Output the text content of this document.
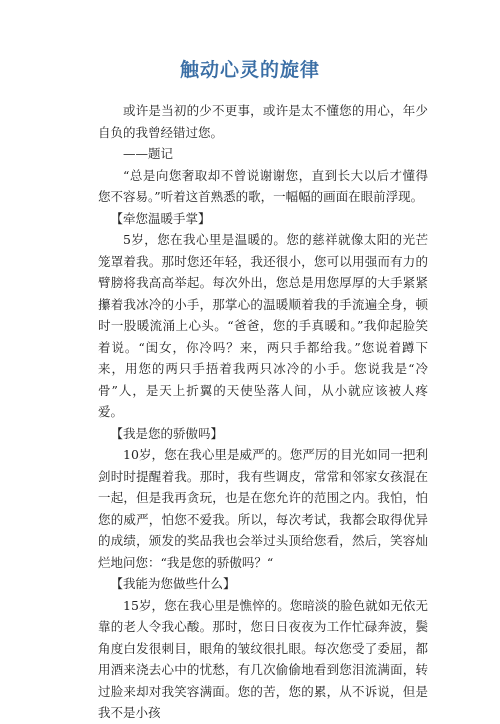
触动心灵的旋律

或许是当初的少不更事，或许是太不懂您的用心，年少自负的我曾经错过您。

——题记

“总是向您奢取却不曾说谢谢您，直到长大以后才懂得您不容易。”听着这首熟悉的歌，一幅幅的画面在眼前浮现。

【牵您温暖手掌】

5岁，您在我心里是温暖的。您的慈祥就像太阳的光芒笼罩着我。那时您还年轻，我还很小，您可以用强而有力的臂膀将我高高举起。每次外出，您总是用您厚厚的大手紧紧攥着我冰冷的小手，那掌心的温暖顺着我的手流遍全身，顿时一股暖流涌上心头。“爸爸，您的手真暖和。”我仰起脸笑着说。“闺女，你冷吗？来，两只手都给我。”您说着蹲下来，用您的两只手捂着我两只冰冷的小手。您说我是“冷骨”人，是天上折翼的天使坠落人间，从小就应该被人疼爱。

【我是您的骄傲吗】

10岁，您在我心里是威严的。您严厉的目光如同一把利剑时时提醒着我。那时，我有些调皮，常常和邻家女孩混在一起，但是我再贪玩，也是在您允许的范围之内。我怕，怕您的威严，怕您不爱我。所以，每次考试，我都会取得优异的成绩，颁发的奖品我也会举过头顶给您看，然后，笑容灿烂地问您：“我是您的骄傲吗？“

【我能为您做些什么】

15岁，您在我心里是憔悴的。您暗淡的脸色就如无依无靠的老人令我心酸。那时，您日日夜夜为工作忙碌奔波，鬓角度白发很刺目，眼角的皱纹很扎眼。每次您受了委屈，都用酒来浇去心中的忧愁，有几次偷偷地看到您泪流满面，转过脸来却对我笑容满面。您的苦，您的累，从不诉说，但是我不是小孩
